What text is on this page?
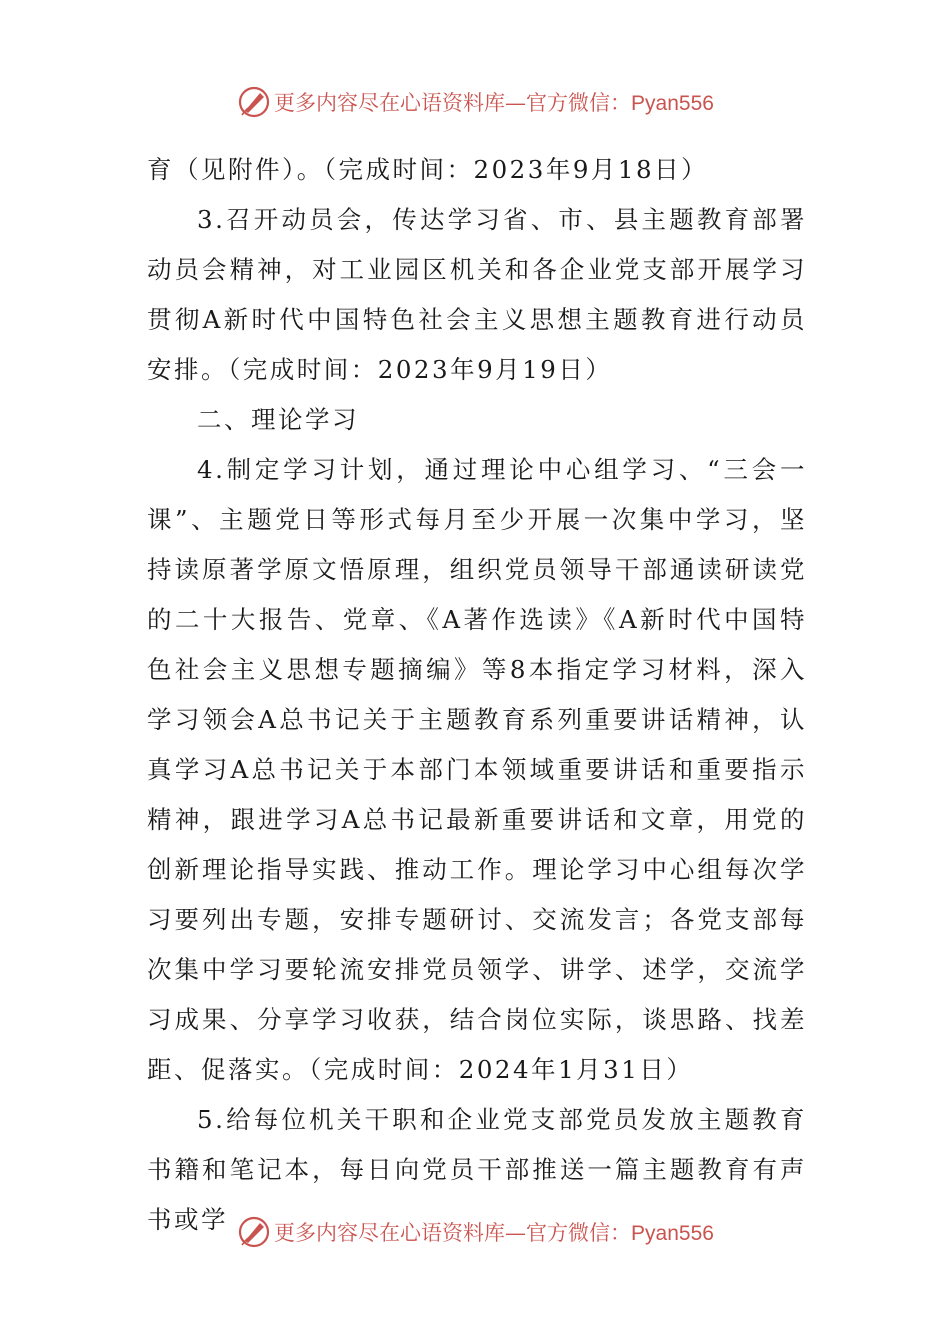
更多内容尽在心语资料库—官方微信：Pyan556

育（见附件）。（完成时间：2023年9月18日）

3.召开动员会，传达学习省、市、县主题教育部署动员会精神，对工业园区机关和各企业党支部开展学习贯彻A新时代中国特色社会主义思想主题教育进行动员安排。（完成时间：2023年9月19日）

二、理论学习

4.制定学习计划，通过理论中心组学习、“三会一课”、主题党日等形式每月至少开展一次集中学习，坚持读原著学原文悟原理，组织党员领导干部通读研读党的二十大报告、党章、《A著作选读》《A新时代中国特色社会主义思想专题摘编》等8本指定学习材料，深入学习领会A总书记关于主题教育系列重要讲话精神，认真学习A总书记关于本部门本领域重要讲话和重要指示精神，跟进学习A总书记最新重要讲话和文章，用党的创新理论指导实践、推动工作。理论学习中心组每次学习要列出专题，安排专题研讨、交流发言；各党支部每次集中学习要轮流安排党员领学、讲学、述学，交流学习成果、分享学习收获，结合岗位实际，谈思路、找差距、促落实。（完成时间：2024年1月31日）

5.给每位机关干职和企业党支部党员发放主题教育书籍和笔记本，每日向党员干部推送一篇主题教育有声书或学	更多内容尽在心语资料库—官方微信：Pyan556
